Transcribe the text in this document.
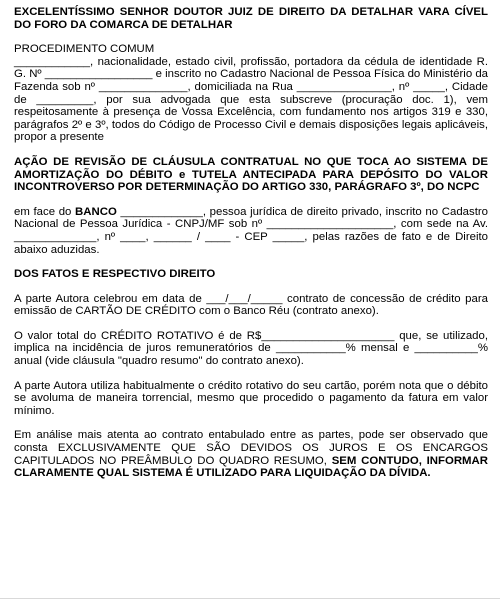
EXCELENTÍSSIMO SENHOR DOUTOR JUIZ DE DIREITO DA DETALHAR VARA CÍVEL DO FORO DA COMARCA DE DETALHAR

PROCEDIMENTO COMUM

____________, nacionalidade, estado civil, profissão, portadora da cédula de identidade R. G. Nº _________________ e inscrito no Cadastro Nacional de Pessoa Física do Ministério da Fazenda sob nº ______________, domiciliada na Rua _______________, nº _____, Cidade de _________, por sua advogada que esta subscreve (procuração doc. 1), vem respeitosamente à presença de Vossa Excelência, com fundamento nos artigos 319 e 330, parágrafos 2º e 3º, todos do Código de Processo Civil e demais disposições legais aplicáveis, propor a presente

AÇÃO DE REVISÃO DE CLÁUSULA CONTRATUAL NO QUE TOCA AO SISTEMA DE AMORTIZAÇÃO DO DÉBITO e TUTELA ANTECIPADA PARA DEPÓSITO DO VALOR INCONTROVERSO POR DETERMINAÇÃO DO ARTIGO 330, PARÁGRAFO 3º, DO NCPC

em face do BANCO _____________, pessoa jurídica de direito privado, inscrito no Cadastro Nacional de Pessoa Jurídica - CNPJ/MF sob nº ____________________, com sede na Av. _____________, nº ____, ______ / ____ - CEP _____, pelas razões de fato e de Direito abaixo aduzidas.

DOS FATOS E RESPECTIVO DIREITO

A parte Autora celebrou em data de ___/___/_____ contrato de concessão de crédito para emissão de CARTÃO DE CRÉDITO com o Banco Réu (contrato anexo).

O valor total do CRÉDITO ROTATIVO é de R$_____________________ que, se utilizado, implica na incidência de juros remuneratórios de ___________% mensal e __________% anual (vide cláusula "quadro resumo" do contrato anexo).

A parte Autora utiliza habitualmente o crédito rotativo do seu cartão, porém nota que o débito se avoluma de maneira torrencial, mesmo que procedido o pagamento da fatura em valor mínimo.

Em análise mais atenta ao contrato entabulado entre as partes, pode ser observado que consta EXCLUSIVAMENTE QUE SÃO DEVIDOS OS JUROS E OS ENCARGOS CAPITULADOS NO PREÂMBULO DO QUADRO RESUMO, SEM CONTUDO, INFORMAR CLARAMENTE QUAL SISTEMA É UTILIZADO PARA LIQUIDAÇÃO DA DÍVIDA.
